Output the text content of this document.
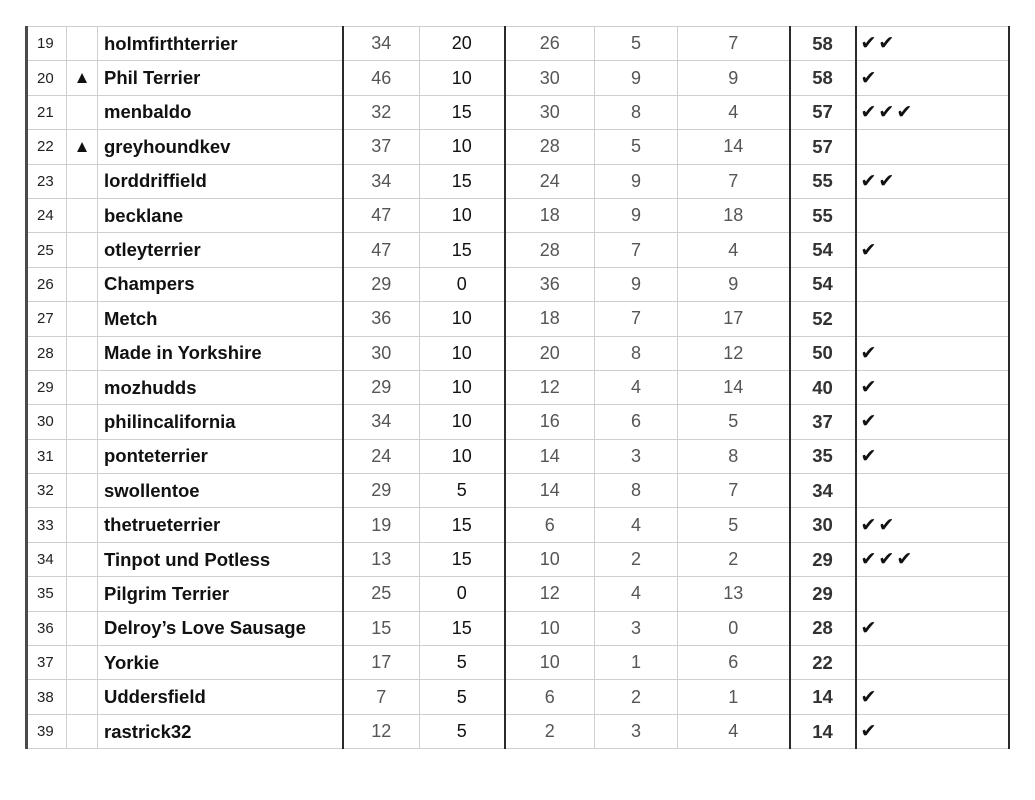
19		holmfirthterrier	34	20	26	5	7	58	✔✔
20	▲	Phil Terrier	46	10	30	9	9	58	✔
21		menbaldo	32	15	30	8	4	57	✔✔✔
22	▲	greyhoundkev	37	10	28	5	14	57	
23		lorddriffield	34	15	24	9	7	55	✔✔
24		becklane	47	10	18	9	18	55	
25		otleyterrier	47	15	28	7	4	54	✔
26		Champers	29	0	36	9	9	54	
27		Metch	36	10	18	7	17	52	
28		Made in Yorkshire	30	10	20	8	12	50	✔
29		mozhudds	29	10	12	4	14	40	✔
30		philincalifornia	34	10	16	6	5	37	✔
31		ponteterrier	24	10	14	3	8	35	✔
32		swollentoe	29	5	14	8	7	34	
33		thetrueterrier	19	15	6	4	5	30	✔✔
34		Tinpot und Potless	13	15	10	2	2	29	✔✔✔
35		Pilgrim Terrier	25	0	12	4	13	29	
36		Delroy’s Love Sausage	15	15	10	3	0	28	✔
37		Yorkie	17	5	10	1	6	22	
38		Uddersfield	7	5	6	2	1	14	✔
39		rastrick32	12	5	2	3	4	14	✔
